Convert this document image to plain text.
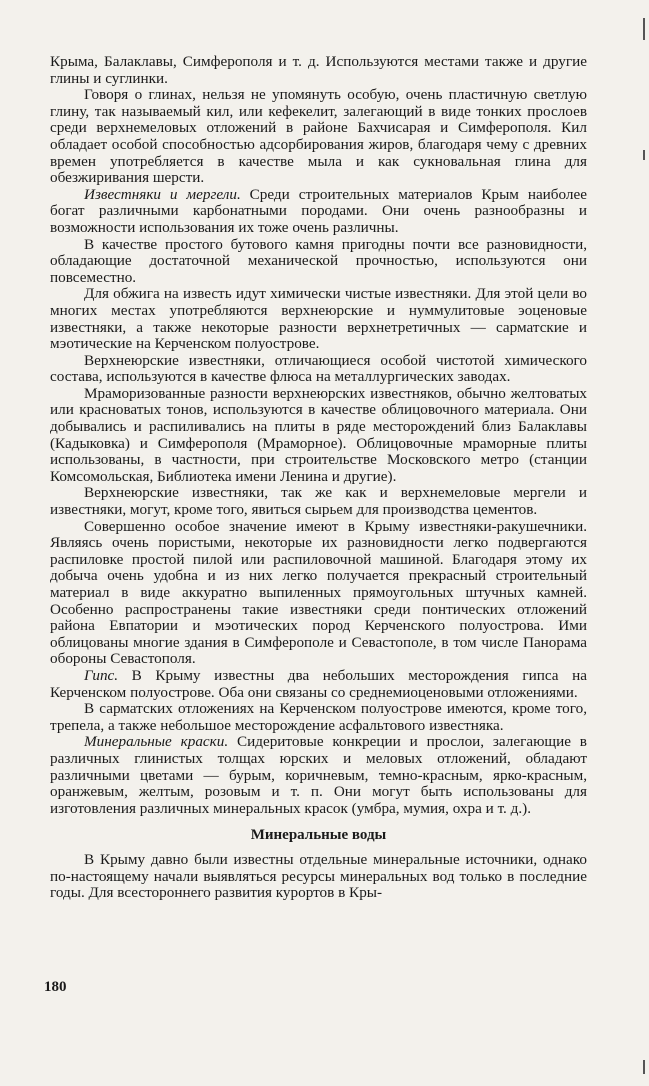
Крыма, Балаклавы, Симферополя и т. д. Используются местами также и другие глины и суглинки.

Говоря о глинах, нельзя не упомянуть особую, очень пластичную светлую глину, так называемый кил, или кефекелит, залегающий в виде тонких прослоев среди верхнемеловых отложений в районе Бахчисарая и Симферополя. Кил обладает особой способностью адсорбирования жиров, благодаря чему с древних времен употребляется в качестве мыла и как сукновальная глина для обезжиривания шерсти.

Известняки и мергели. Среди строительных материалов Крым наиболее богат различными карбонатными породами. Они очень разнообразны и возможности использования их тоже очень различны.

В качестве простого бутового камня пригодны почти все разновидности, обладающие достаточной механической прочностью, используются они повсеместно.

Для обжига на известь идут химически чистые известняки. Для этой цели во многих местах употребляются верхнеюрские и нуммулитовые эоценовые известняки, а также некоторые разности верхнетретичных — сарматские и мэотические на Керченском полуострове.

Верхнеюрские известняки, отличающиеся особой чистотой химического состава, используются в качестве флюса на металлургических заводах.

Мраморизованные разности верхнеюрских известняков, обычно желтоватых или красноватых тонов, используются в качестве облицовочного материала. Они добывались и распиливались на плиты в ряде месторождений близ Балаклавы (Кадыковка) и Симферополя (Мраморное). Облицовочные мраморные плиты использованы, в частности, при строительстве Московского метро (станции Комсомольская, Библиотека имени Ленина и другие).

Верхнеюрские известняки, так же как и верхнемеловые мергели и известняки, могут, кроме того, явиться сырьем для производства цементов.

Совершенно особое значение имеют в Крыму известняки-ракушечники. Являясь очень пористыми, некоторые их разновидности легко подвергаются распиловке простой пилой или распиловочной машиной. Благодаря этому их добыча очень удобна и из них легко получается прекрасный строительный материал в виде аккуратно выпиленных прямоугольных штучных камней. Особенно распространены такие известняки среди понтических отложений района Евпатории и мэотических пород Керченского полуострова. Ими облицованы многие здания в Симферополе и Севастополе, в том числе Панорама обороны Севастополя.

Гипс. В Крыму известны два небольших месторождения гипса на Керченском полуострове. Оба они связаны со среднемиоценовыми отложениями.

В сарматских отложениях на Керченском полуострове имеются, кроме того, трепела, а также небольшое месторождение асфальтового известняка.

Минеральные краски. Сидеритовые конкреции и прослои, залегающие в различных глинистых толщах юрских и меловых отложений, обладают различными цветами — бурым, коричневым, темно-красным, ярко-красным, оранжевым, желтым, розовым и т. п. Они могут быть использованы для изготовления различных минеральных красок (умбра, мумия, охра и т. д.).

Минеральные воды

В Крыму давно были известны отдельные минеральные источники, однако по-настоящему начали выявляться ресурсы минеральных вод только в последние годы. Для всестороннего развития курортов в Кры-

180
